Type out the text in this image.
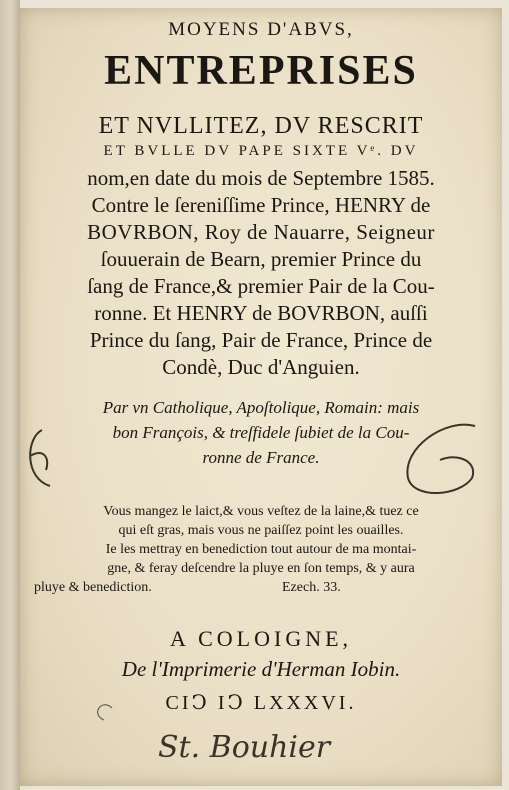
MOYENS D'ABVS,
ENTREPRISES
ET NVLLITEZ, DV RESCRIT
ET BVLLE DV PAPE SIXTE Vᵉ. DV
nom,en date du mois de Septembre 1585.
Contre le ſereniſſime Prince, HENRY de
BOVRBON, Roy de Nauarre, Seigneur
ſouuerain de Bearn, premier Prince du
ſang de France,& premier Pair de la Cou-
ronne. Et HENRY de BOVRBON, auſſi
Prince du ſang, Pair de France, Prince de
Condè, Duc d'Anguien.
Par vn Catholique, Apoſtolique, Romain: mais
bon François, & treſfidele ſubiet de la Cou-
ronne de France.
Vous mangez le laict,& vous veſtez de la laine,& tuez ce
qui eſt gras, mais vous ne paiſſez point les ouailles.
Ie les mettray en benediction tout autour de ma montai-
gne, & feray deſcendre la pluye en ſon temps, & y aura
pluye & benediction.	Ezech. 33.
A COLOIGNE,
De l'Imprimerie d'Herman Iobin.
CIↃ IↃ LXXXVI.
St. Bouhier
